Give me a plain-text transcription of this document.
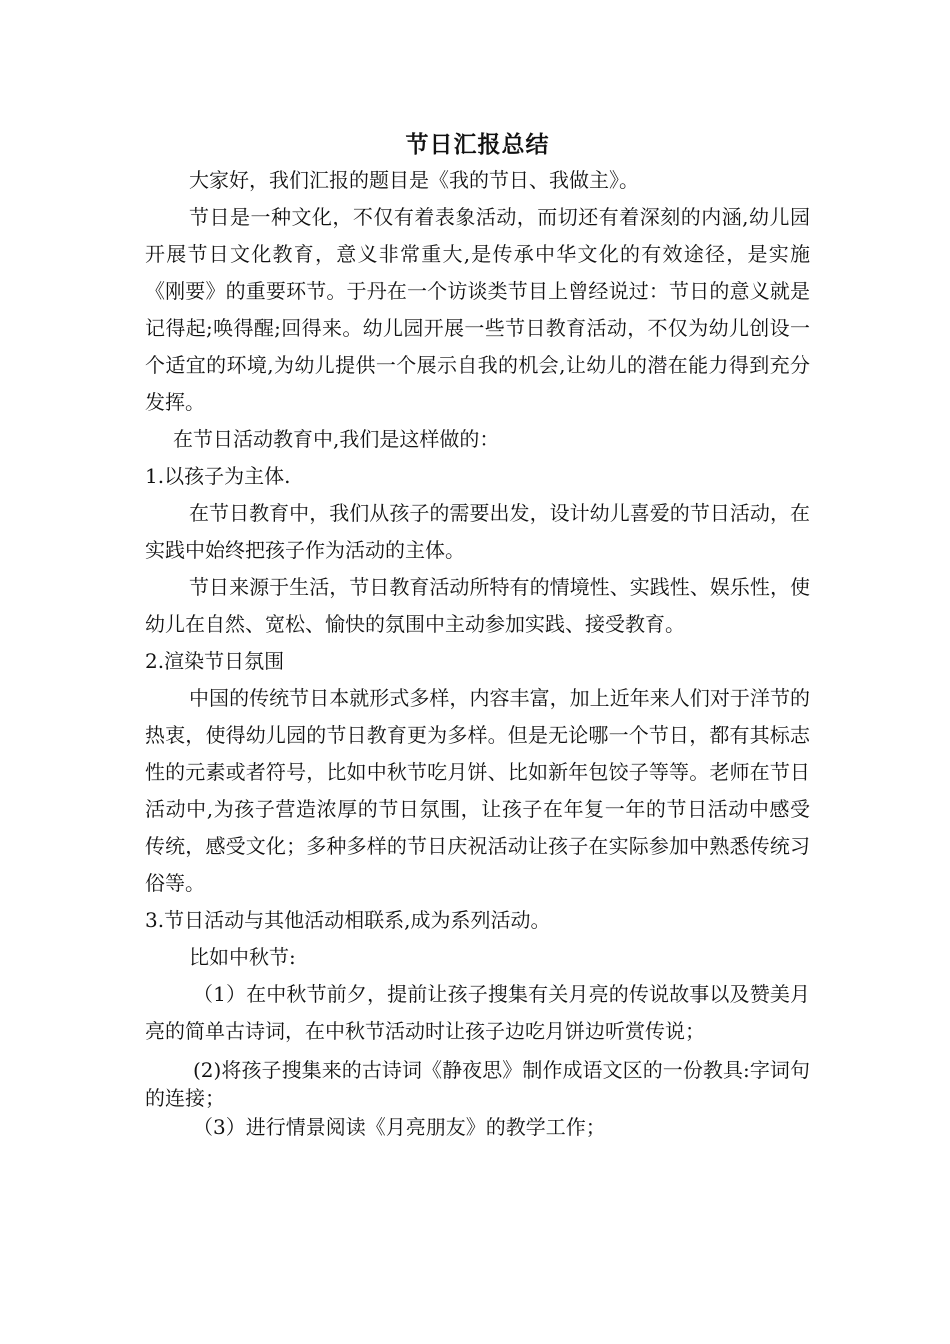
节日汇报总结

大家好，我们汇报的题目是《我的节日、我做主》。

节日是一种文化，不仅有着表象活动，而切还有着深刻的内涵,幼儿园开展节日文化教育，意义非常重大,是传承中华文化的有效途径，是实施《刚要》的重要环节。于丹在一个访谈类节目上曾经说过：节日的意义就是记得起;唤得醒;回得来。幼儿园开展一些节日教育活动，不仅为幼儿创设一个适宜的环境,为幼儿提供一个展示自我的机会,让幼儿的潜在能力得到充分发挥。

在节日活动教育中,我们是这样做的：

1.以孩子为主体.

在节日教育中，我们从孩子的需要出发，设计幼儿喜爱的节日活动，在实践中始终把孩子作为活动的主体。

节日来源于生活，节日教育活动所特有的情境性、实践性、娱乐性，使幼儿在自然、宽松、愉快的氛围中主动参加实践、接受教育。

2.渲染节日氛围

中国的传统节日本就形式多样，内容丰富，加上近年来人们对于洋节的热衷，使得幼儿园的节日教育更为多样。但是无论哪一个节日，都有其标志性的元素或者符号，比如中秋节吃月饼、比如新年包饺子等等。老师在节日活动中,为孩子营造浓厚的节日氛围，让孩子在年复一年的节日活动中感受传统，感受文化；多种多样的节日庆祝活动让孩子在实际参加中熟悉传统习俗等。

3.节日活动与其他活动相联系,成为系列活动。

比如中秋节:

（1）在中秋节前夕，提前让孩子搜集有关月亮的传说故事以及赞美月亮的简单古诗词，在中秋节活动时让孩子边吃月饼边听赏传说；

(2)将孩子搜集来的古诗词《静夜思》制作成语文区的一份教具:字词句的连接；

（3）进行情景阅读《月亮朋友》的教学工作；
